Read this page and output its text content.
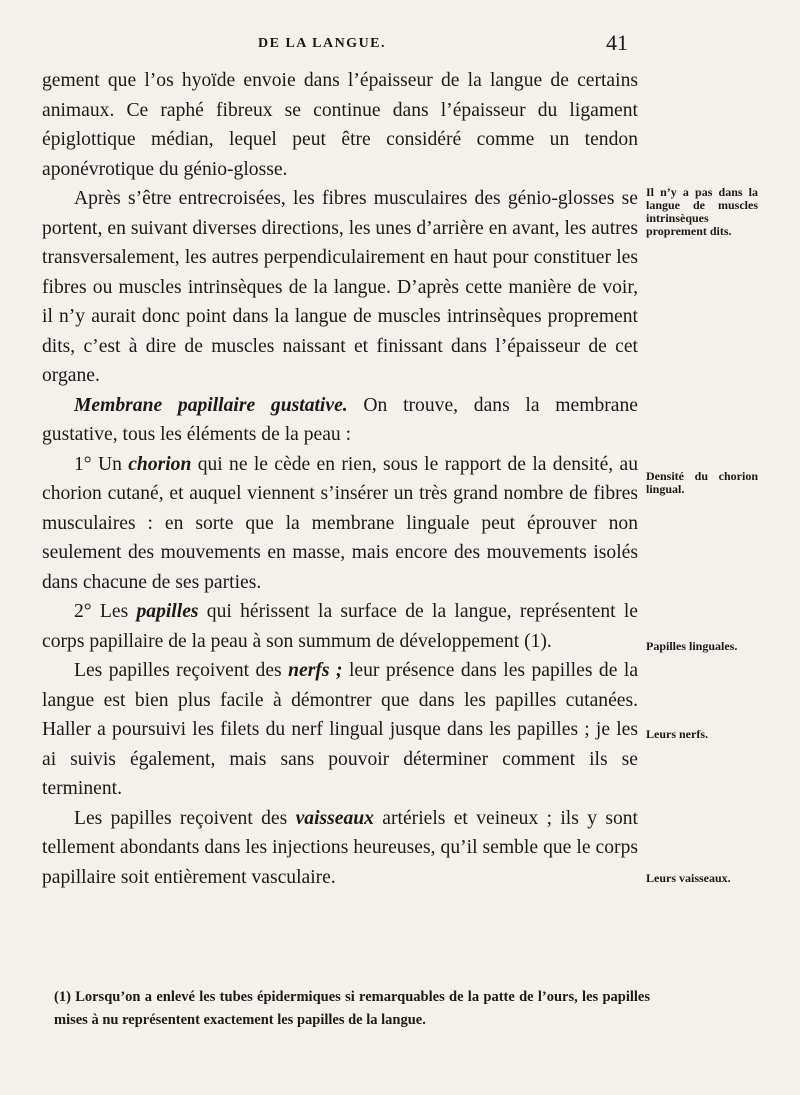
DE LA LANGUE.	41

gement que l’os hyoïde envoie dans l’épaisseur de la langue de certains animaux. Ce raphé fibreux se continue dans l’épaisseur du ligament épiglottique médian, lequel peut être considéré comme un tendon aponévrotique du génio-glosse.

Après s’être entrecroisées, les fibres musculaires des génio-glosses se portent, en suivant diverses directions, les unes d’arrière en avant, les autres transversalement, les autres perpendiculairement en haut pour constituer les fibres ou muscles intrinsèques de la langue. D’après cette manière de voir, il n’y aurait donc point dans la langue de muscles intrinsèques proprement dits, c’est à dire de muscles naissant et finissant dans l’épaisseur de cet organe.

Membrane papillaire gustative. On trouve, dans la membrane gustative, tous les éléments de la peau :

1° Un chorion qui ne le cède en rien, sous le rapport de la densité, au chorion cutané, et auquel viennent s’insérer un très grand nombre de fibres musculaires : en sorte que la membrane linguale peut éprouver non seulement des mouvements en masse, mais encore des mouvements isolés dans chacune de ses parties.

2° Les papilles qui hérissent la surface de la langue, représentent le corps papillaire de la peau à son summum de développement (1).

Les papilles reçoivent des nerfs ; leur présence dans les papilles de la langue est bien plus facile à démontrer que dans les papilles cutanées. Haller a poursuivi les filets du nerf lingual jusque dans les papilles ; je les ai suivis également, mais sans pouvoir déterminer comment ils se terminent.

Les papilles reçoivent des vaisseaux artériels et veineux ; ils y sont tellement abondants dans les injections heureuses, qu’il semble que le corps papillaire soit entièrement vasculaire.

Il n’y a pas dans la langue de muscles intrinsèques proprement dits.
Densité du chorion lingual.
Papilles linguales.
Leurs nerfs.
Leurs vaisseaux.
(1) Lorsqu’on a enlevé les tubes épidermiques si remarquables de la patte de l’ours, les papilles mises à nu représentent exactement les papilles de la langue.
